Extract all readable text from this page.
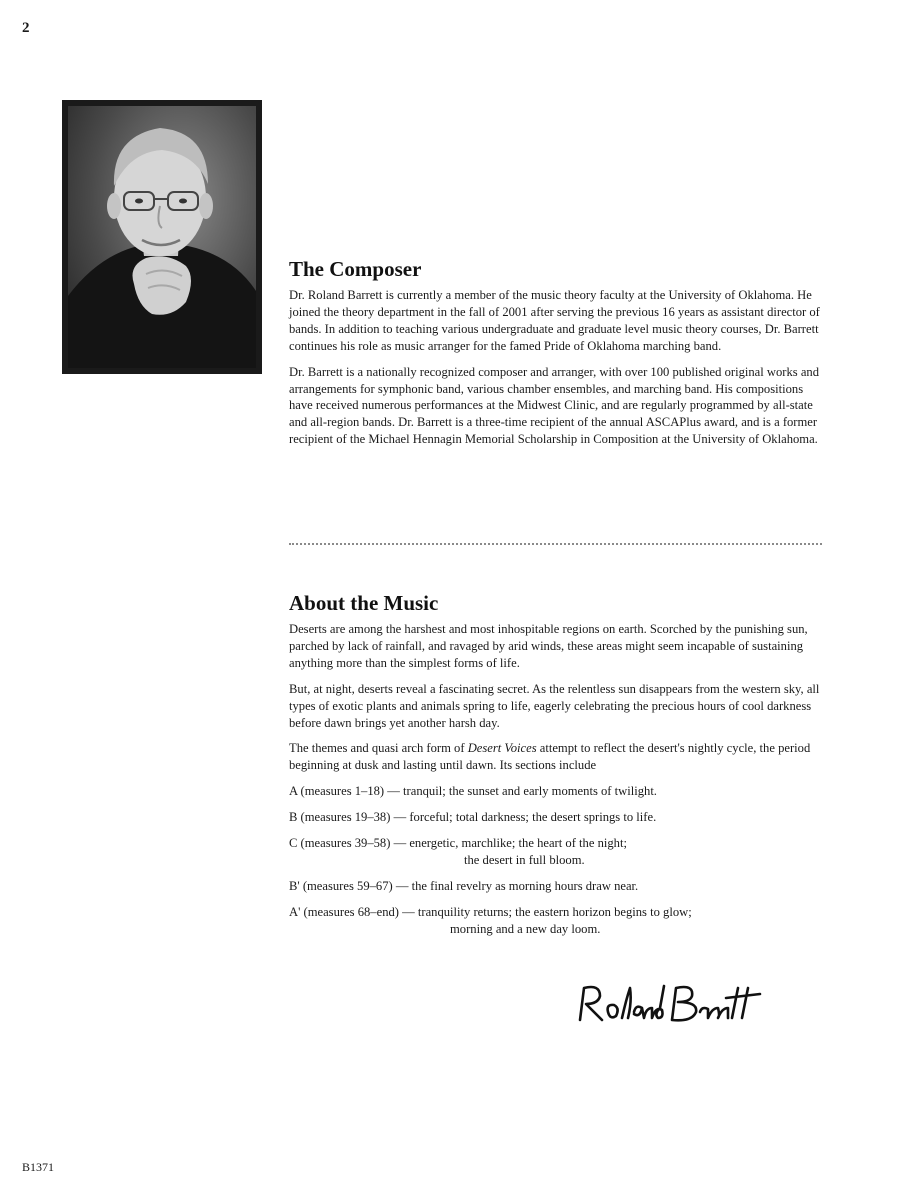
2
The Composer

Dr. Roland Barrett is currently a member of the music theory faculty at the University of Oklahoma. He joined the theory department in the fall of 2001 after serving the previous 16 years as assistant director of bands. In addition to teaching various undergraduate and graduate level music theory courses, Dr. Barrett continues his role as music arranger for the famed Pride of Oklahoma marching band.

Dr. Barrett is a nationally recognized composer and arranger, with over 100 published original works and arrangements for symphonic band, various chamber ensembles, and marching band. His compositions have received numerous performances at the Midwest Clinic, and are regularly programmed by all-state and all-region bands. Dr. Barrett is a three-time recipient of the annual ASCAPlus award, and is a former recipient of the Michael Hennagin Memorial Scholarship in Composition at the University of Oklahoma.

About the Music

Deserts are among the harshest and most inhospitable regions on earth. Scorched by the punishing sun, parched by lack of rainfall, and ravaged by arid winds, these areas might seem incapable of sustaining anything more than the simplest forms of life.

But, at night, deserts reveal a fascinating secret. As the relentless sun disappears from the western sky, all types of exotic plants and animals spring to life, eagerly celebrating the precious hours of cool darkness before dawn brings yet another harsh day.

The themes and quasi arch form of Desert Voices attempt to reflect the desert's nightly cycle, the period beginning at dusk and lasting until dawn. Its sections include

A (measures 1–18) — tranquil; the sunset and early moments of twilight.
B (measures 19–38) — forceful; total darkness; the desert springs to life.
C (measures 39–58) — energetic, marchlike; the heart of the night;
the desert in full bloom.
B' (measures 59–67) — the final revelry as morning hours draw near.
A' (measures 68–end) — tranquility returns; the eastern horizon begins to glow;
morning and a new day loom.
B1371
